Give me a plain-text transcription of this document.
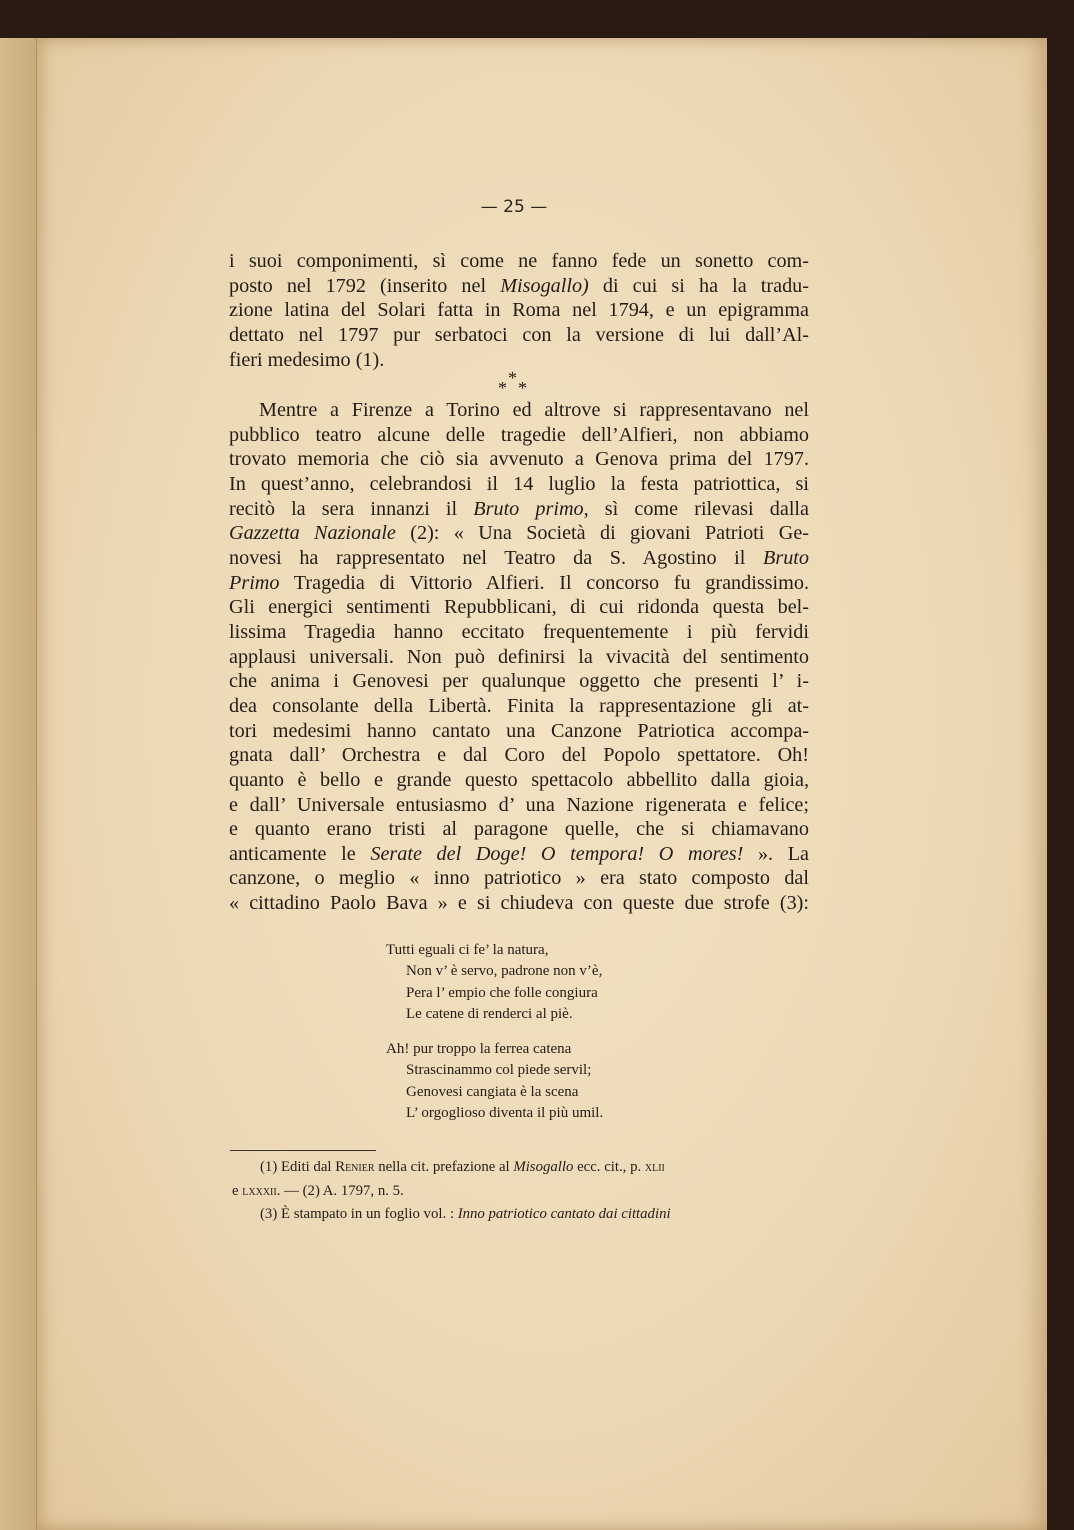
— 25 —

i suoi componimenti, sì come ne fanno fede un sonetto com-
posto nel 1792 (inserito nel Misogallo) di cui si ha la tradu-
zione latina del Solari fatta in Roma nel 1794, e un epigramma
dettato nel 1797 pur serbatoci con la versione di lui dall’Al-
fieri medesimo (1).

*
* *

Mentre a Firenze a Torino ed altrove si rappresentavano nel
pubblico teatro alcune delle tragedie dell’Alfieri, non abbiamo
trovato memoria che ciò sia avvenuto a Genova prima del 1797.
In quest’anno, celebrandosi il 14 luglio la festa patriottica, si
recitò la sera innanzi il Bruto primo, sì come rilevasi dalla
Gazzetta Nazionale (2): « Una Società di giovani Patrioti Ge-
novesi ha rappresentato nel Teatro da S. Agostino il Bruto
Primo Tragedia di Vittorio Alfieri. Il concorso fu grandissimo.
Gli energici sentimenti Repubblicani, di cui ridonda questa bel-
lissima Tragedia hanno eccitato frequentemente i più fervidi
applausi universali. Non può definirsi la vivacità del sentimento
che anima i Genovesi per qualunque oggetto che presenti l’ i-
dea consolante della Libertà. Finita la rappresentazione gli at-
tori medesimi hanno cantato una Canzone Patriotica accompa-
gnata dall’ Orchestra e dal Coro del Popolo spettatore. Oh!
quanto è bello e grande questo spettacolo abbellito dalla gioia,
e dall’ Universale entusiasmo d’ una Nazione rigenerata e felice;
e quanto erano tristi al paragone quelle, che si chiamavano
anticamente le Serate del Doge! O tempora! O mores! ». La
canzone, o meglio « inno patriotico » era stato composto dal
« cittadino Paolo Bava » e si chiudeva con queste due strofe (3):

Tutti eguali ci fe’ la natura,
Non v’ è servo, padrone non v’è,
Pera l’ empio che folle congiura
Le catene di renderci al piè.

Ah! pur troppo la ferrea catena
Strascinammo col piede servil;
Genovesi cangiata è la scena
L’ orgoglioso diventa il più umil.

(1) Editi dal Renier nella cit. prefazione al Misogallo ecc. cit., p. xlii
e lxxxii. — (2) A. 1797, n. 5.
(3) È stampato in un foglio vol. : Inno patriotico cantato dai cittadini
